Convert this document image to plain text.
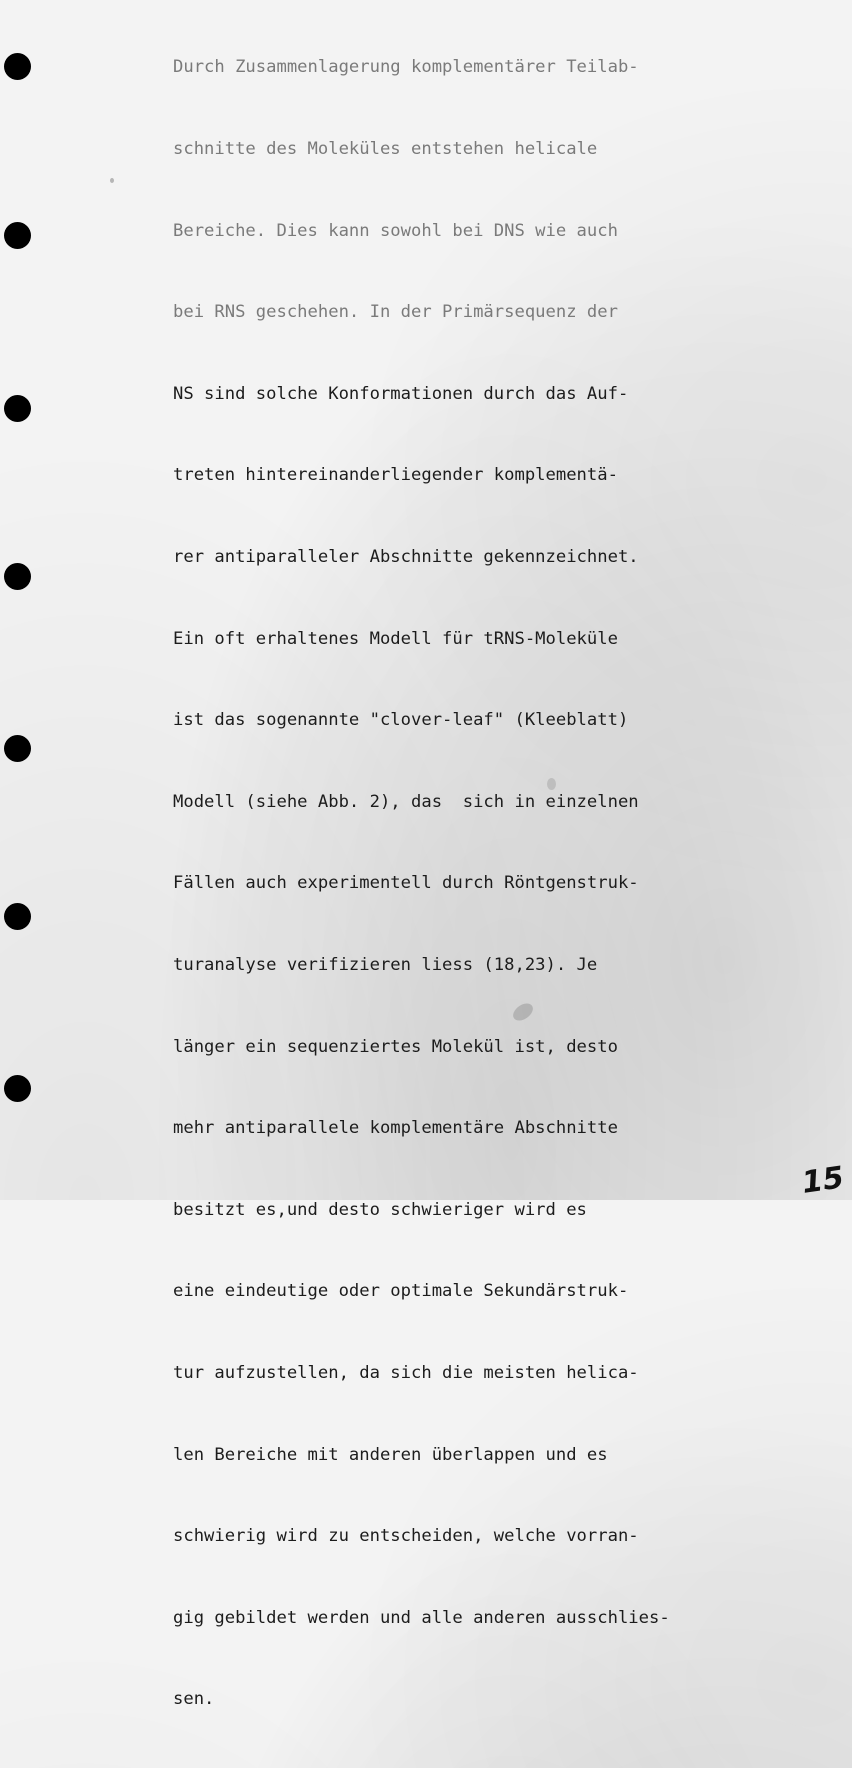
Durch Zusammenlagerung komplementärer Teilab-

schnitte des Moleküles entstehen helicale

Bereiche. Dies kann sowohl bei DNS wie auch

bei RNS geschehen. In der Primärsequenz der

NS sind solche Konformationen durch das Auf-

treten hintereinanderliegender komplementä-

rer antiparalleler Abschnitte gekennzeichnet.

Ein oft erhaltenes Modell für tRNS-Moleküle

ist das sogenannte "clover-leaf" (Kleeblatt)

Modell (siehe Abb. 2), das  sich in einzelnen

Fällen auch experimentell durch Röntgenstruk-

turanalyse verifizieren liess (18,23). Je

länger ein sequenziertes Molekül ist, desto

mehr antiparallele komplementäre Abschnitte

besitzt es,und desto schwieriger wird es

eine eindeutige oder optimale Sekundärstruk-

tur aufzustellen, da sich die meisten helica-

len Bereiche mit anderen überlappen und es

schwierig wird zu entscheiden, welche vorran-

gig gebildet werden und alle anderen ausschlies-

sen.

15
